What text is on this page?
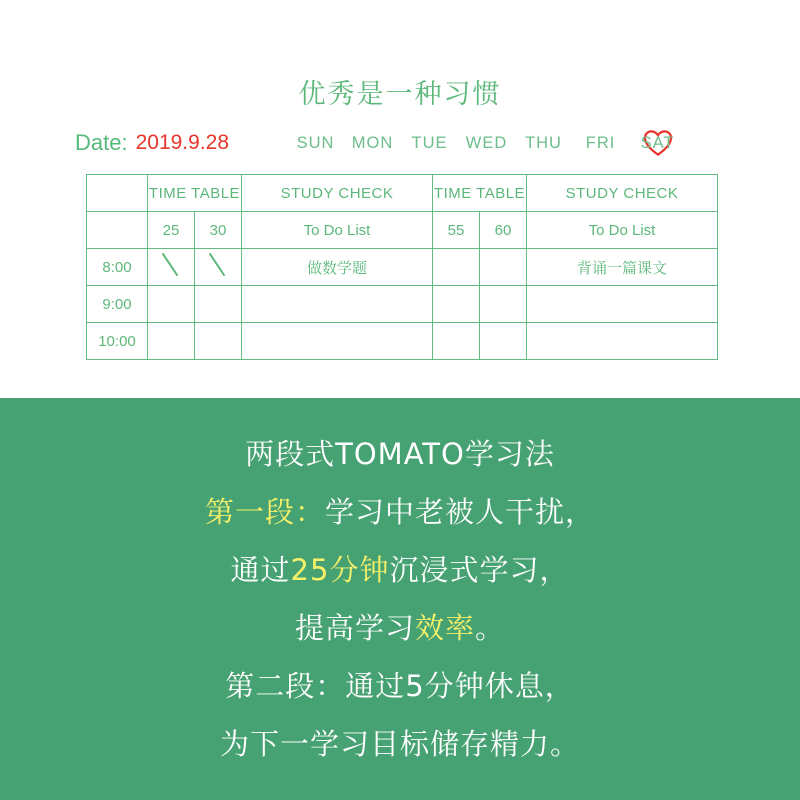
优秀是一种习惯
Date: 2019.9.28	SUN	MON	TUE	WED	THU	FRI	SAT
	TIME TABLE		STUDY CHECK	TIME TABLE		STUDY CHECK
	25	30	To Do List	55	60	To Do List
8:00			做数学题			背诵一篇课文
9:00						
10:00						
两段式TOMATO学习法
第一段：学习中老被人干扰，
通过25分钟沉浸式学习，
提高学习效率。
第二段：通过5分钟休息，
为下一学习目标储存精力。
